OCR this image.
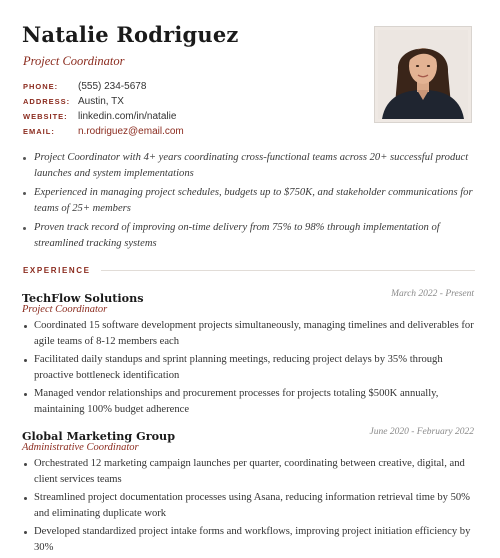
Natalie Rodriguez
Project Coordinator
PHONE:	(555) 234-5678
ADDRESS: Austin, TX
WEBSITE:	linkedin.com/in/natalie
EMAIL:	n.rodriguez@email.com
Project Coordinator with 4+ years coordinating cross-functional teams across 20+ successful product launches and system implementations
Experienced in managing project schedules, budgets up to $750K, and stakeholder communications for teams of 25+ members
Proven track record of improving on-time delivery from 75% to 98% through implementation of streamlined tracking systems
EXPERIENCE
TechFlow Solutions	March 2022 - Present
Project Coordinator
Coordinated 15 software development projects simultaneously, managing timelines and deliverables for agile teams of 8-12 members each
Facilitated daily standups and sprint planning meetings, reducing project delays by 35% through proactive bottleneck identification
Managed vendor relationships and procurement processes for projects totaling $500K annually, maintaining 100% budget adherence
Global Marketing Group	June 2020 - February 2022
Administrative Coordinator
Orchestrated 12 marketing campaign launches per quarter, coordinating between creative, digital, and client services teams
Streamlined project documentation processes using Asana, reducing information retrieval time by 50% and eliminating duplicate work
Developed standardized project intake forms and workflows, improving project initiation efficiency by 30%
